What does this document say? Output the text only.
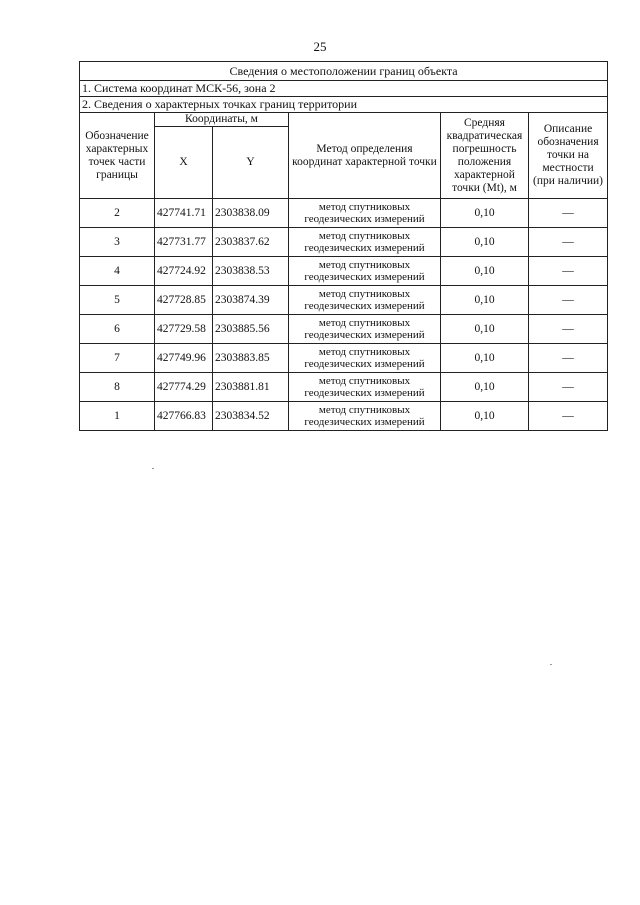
25
Сведения о местоположении границ объекта					
1. Система координат МСК-56, зона 2					
2. Сведения о характерных точках границ территории					
Обозначение характерных точек части границы	Координаты, м		Метод определения координат характерной точки	Средняя квадратическая погрешность положения характерной точки (Mt), м	Описание обозначения точки на местности (при наличии)
	X	Y			
2	427741.71	2303838.09	метод спутниковых геодезических измерений	0,10	—
3	427731.77	2303837.62	метод спутниковых геодезических измерений	0,10	—
4	427724.92	2303838.53	метод спутниковых геодезических измерений	0,10	—
5	427728.85	2303874.39	метод спутниковых геодезических измерений	0,10	—
6	427729.58	2303885.56	метод спутниковых геодезических измерений	0,10	—
7	427749.96	2303883.85	метод спутниковых геодезических измерений	0,10	—
8	427774.29	2303881.81	метод спутниковых геодезических измерений	0,10	—
1	427766.83	2303834.52	метод спутниковых геодезических измерений	0,10	—
